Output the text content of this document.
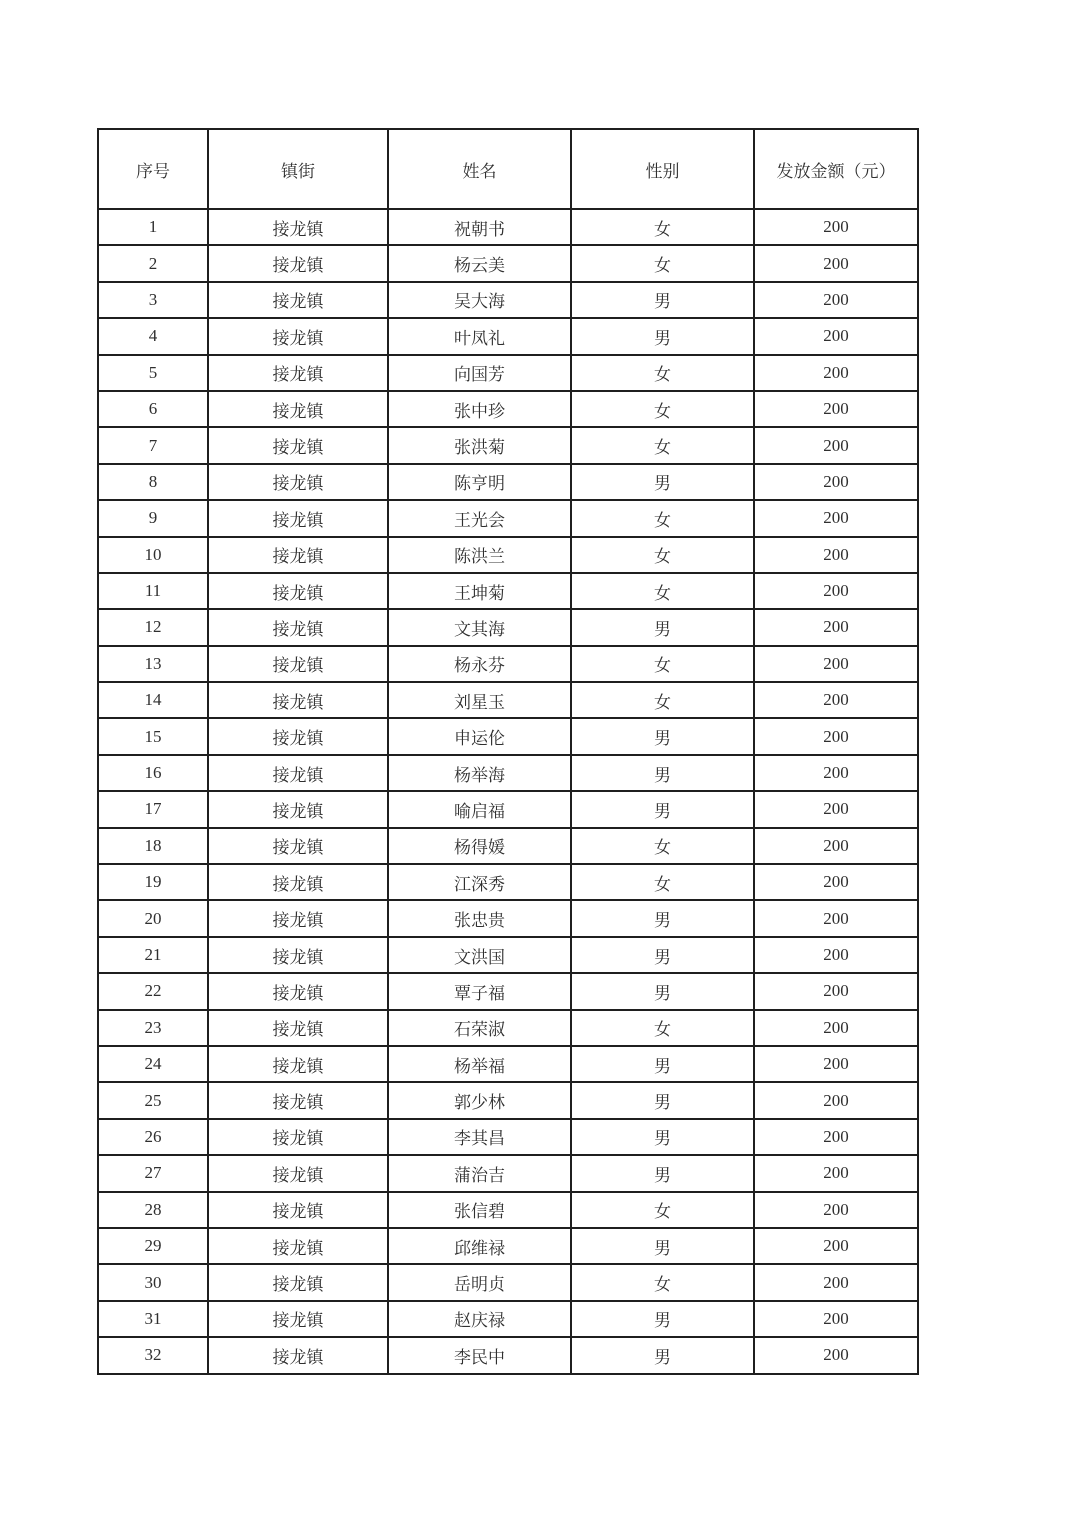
序号	镇街	姓名	性别	发放金额（元）
1	接龙镇	祝朝书	女	200
2	接龙镇	杨云美	女	200
3	接龙镇	吴大海	男	200
4	接龙镇	叶凤礼	男	200
5	接龙镇	向国芳	女	200
6	接龙镇	张中珍	女	200
7	接龙镇	张洪菊	女	200
8	接龙镇	陈亨明	男	200
9	接龙镇	王光会	女	200
10	接龙镇	陈洪兰	女	200
11	接龙镇	王坤菊	女	200
12	接龙镇	文其海	男	200
13	接龙镇	杨永芬	女	200
14	接龙镇	刘星玉	女	200
15	接龙镇	申运伦	男	200
16	接龙镇	杨举海	男	200
17	接龙镇	喻启福	男	200
18	接龙镇	杨得媛	女	200
19	接龙镇	江深秀	女	200
20	接龙镇	张忠贵	男	200
21	接龙镇	文洪国	男	200
22	接龙镇	覃子福	男	200
23	接龙镇	石荣淑	女	200
24	接龙镇	杨举福	男	200
25	接龙镇	郭少林	男	200
26	接龙镇	李其昌	男	200
27	接龙镇	蒲治吉	男	200
28	接龙镇	张信碧	女	200
29	接龙镇	邱维禄	男	200
30	接龙镇	岳明贞	女	200
31	接龙镇	赵庆禄	男	200
32	接龙镇	李民中	男	200
